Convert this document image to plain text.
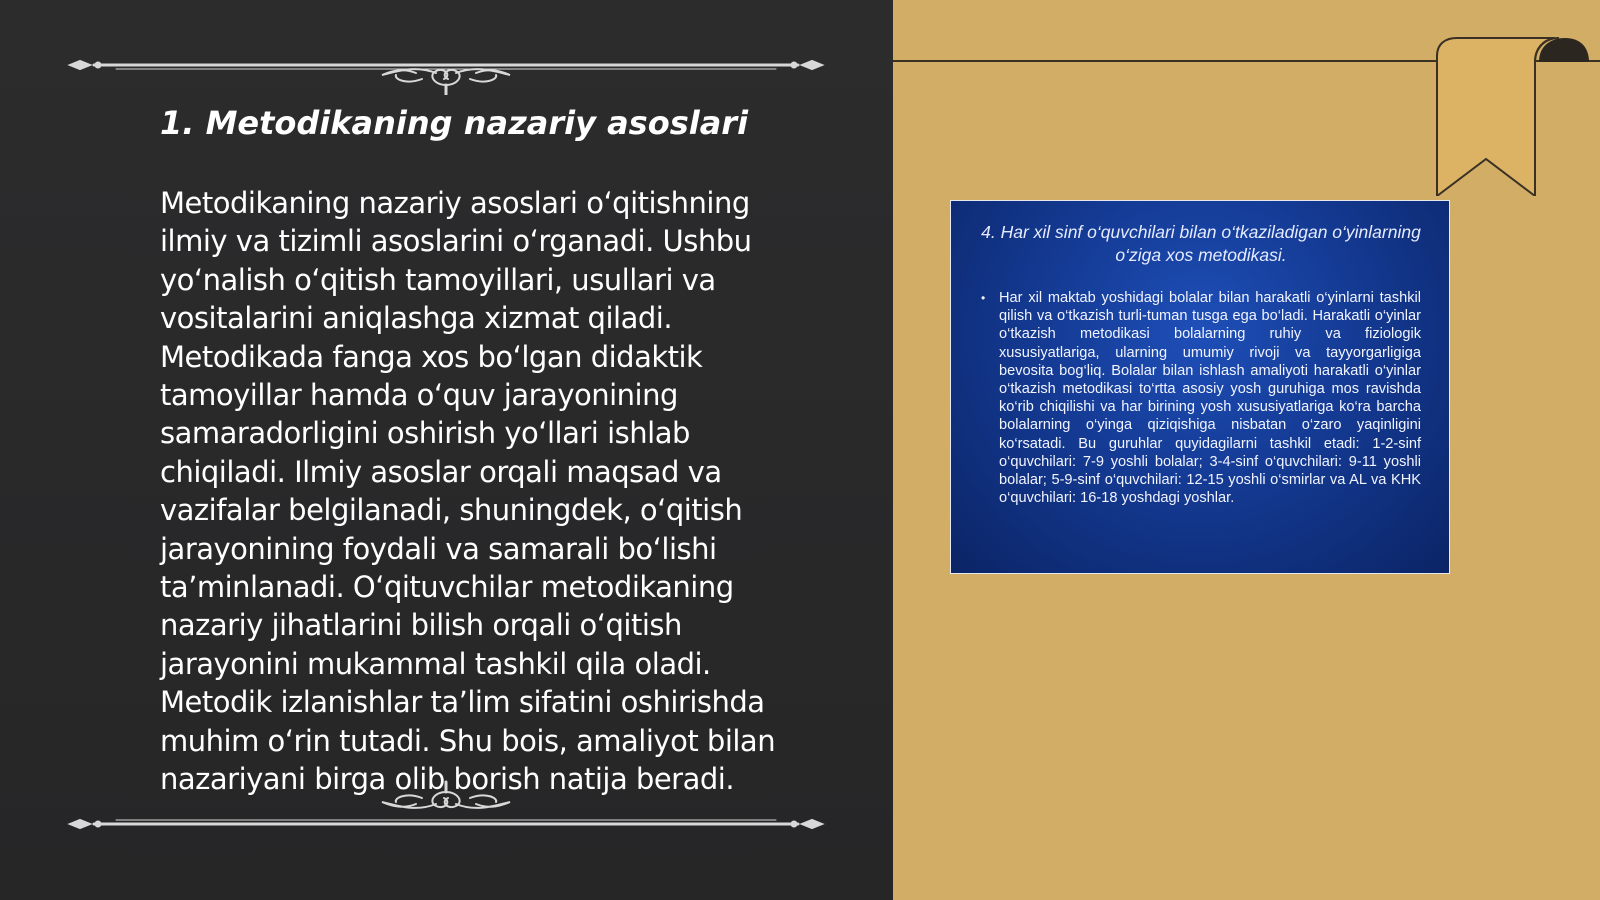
1. Metodikaning nazariy asoslari

Metodikaning nazariy asoslari o‘qitishning ilmiy va tizimli asoslarini o‘rganadi. Ushbu yo‘nalish o‘qitish tamoyillari, usullari va vositalarini aniqlashga xizmat qiladi. Metodikada fanga xos bo‘lgan didaktik tamoyillar hamda o‘quv jarayonining samaradorligini oshirish yo‘llari ishlab chiqiladi. Ilmiy asoslar orqali maqsad va vazifalar belgilanadi, shuningdek, o‘qitish jarayonining foydali va samarali bo‘lishi ta’minlanadi. O‘qituvchilar metodikaning nazariy jihatlarini bilish orqali o‘qitish jarayonini mukammal tashkil qila oladi. Metodik izlanishlar ta’lim sifatini oshirishda muhim o‘rin tutadi. Shu bois, amaliyot bilan nazariyani birga olib borish natija beradi.

4. Har xil sinf o‘quvchilari bilan o‘tkaziladigan o‘yinlarning o‘ziga xos metodikasi.
• Har xil maktab yoshidagi bolalar bilan harakatli o‘yinlarni tashkil qilish va o‘tkazish turli-tuman tusga ega bo‘ladi. Harakatli o‘yinlar o‘tkazish metodikasi bolalarning ruhiy va fiziologik xususiyatlariga, ularning umumiy rivoji va tayyorgarligiga bevosita bog‘liq. Bolalar bilan ishlash amaliyoti harakatli o‘yinlar o‘tkazish metodikasi to‘rtta asosiy yosh guruhiga mos ravishda ko‘rib chiqilishi va har birining yosh xususiyatlariga ko‘ra barcha bolalarning o‘yinga qiziqishiga nisbatan o‘zaro yaqinligini ko‘rsatadi. Bu guruhlar quyidagilarni tashkil etadi: 1-2-sinf o‘quvchilari: 7-9 yoshli bolalar; 3-4-sinf o‘quvchilari: 9-11 yoshli bolalar; 5-9-sinf o‘quvchilari: 12-15 yoshli o‘smirlar va AL va KHK o‘quvchilari: 16-18 yoshdagi yoshlar.
